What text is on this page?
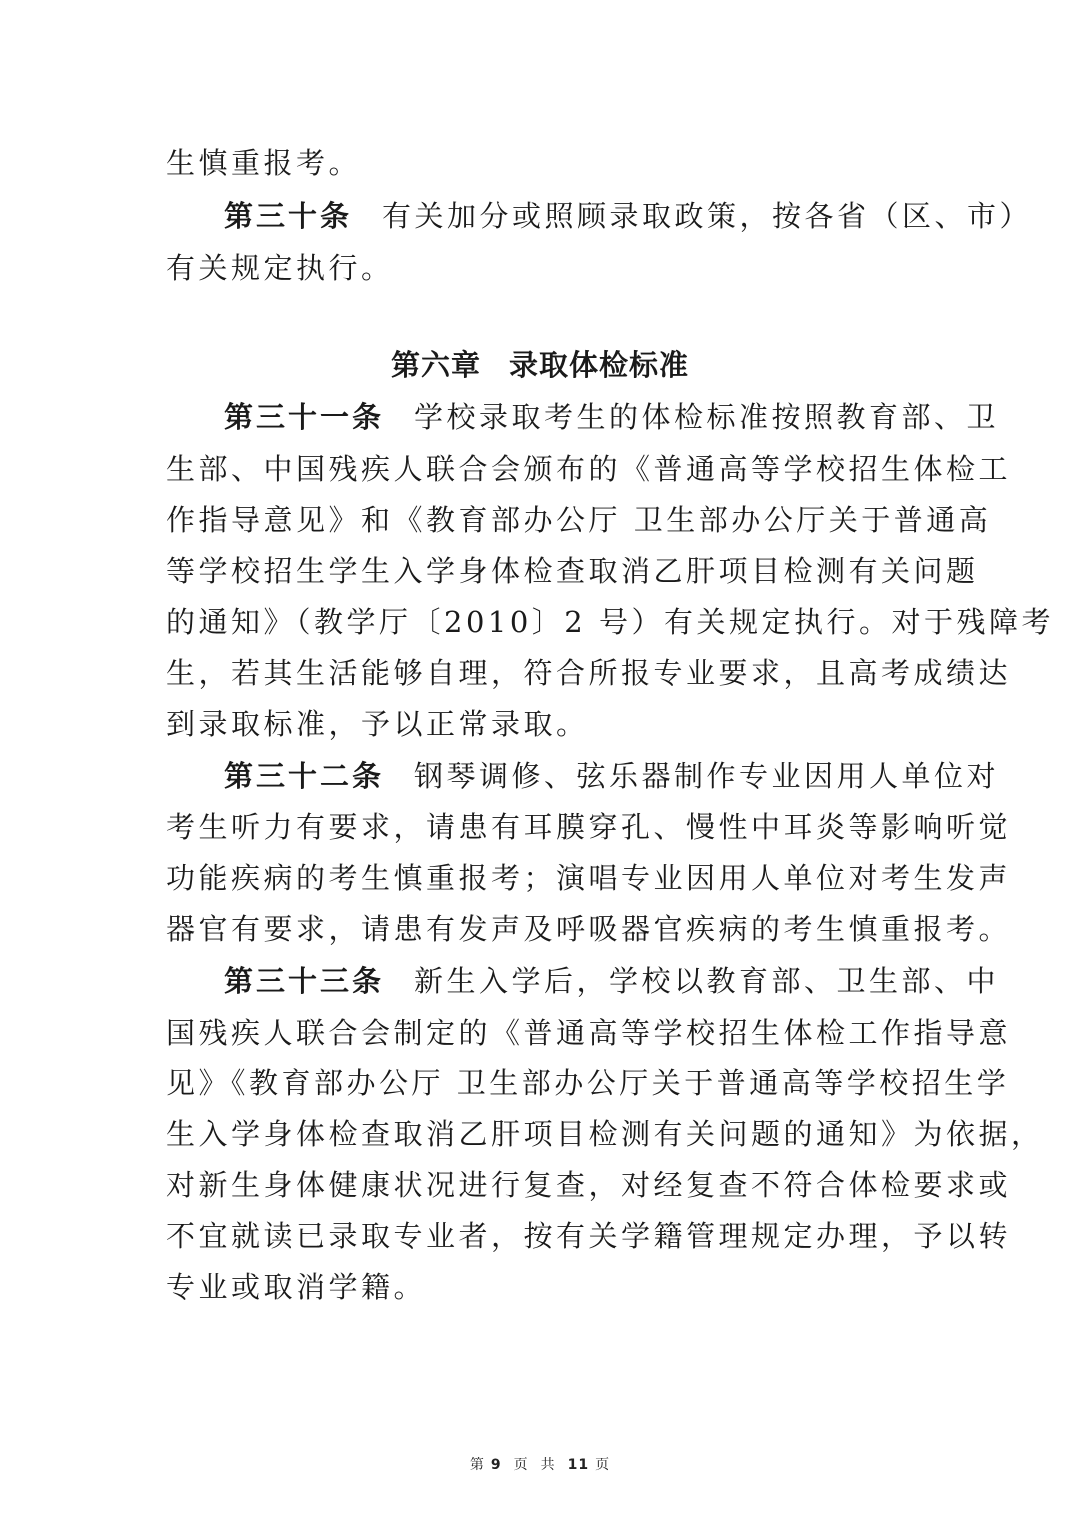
生慎重报考。
第三十条 有关加分或照顾录取政策，按各省（区、市）
有关规定执行。
第六章 录取体检标准
第三十一条 学校录取考生的体检标准按照教育部、卫
生部、中国残疾人联合会颁布的《普通高等学校招生体检工
作指导意见》和《教育部办公厅 卫生部办公厅关于普通高
等学校招生学生入学身体检查取消乙肝项目检测有关问题
的通知》（教学厅〔2010〕2 号）有关规定执行。对于残障考
生，若其生活能够自理，符合所报专业要求，且高考成绩达
到录取标准，予以正常录取。
第三十二条 钢琴调修、弦乐器制作专业因用人单位对
考生听力有要求，请患有耳膜穿孔、慢性中耳炎等影响听觉
功能疾病的考生慎重报考；演唱专业因用人单位对考生发声
器官有要求，请患有发声及呼吸器官疾病的考生慎重报考。
第三十三条 新生入学后，学校以教育部、卫生部、中
国残疾人联合会制定的《普通高等学校招生体检工作指导意
见》《教育部办公厅 卫生部办公厅关于普通高等学校招生学
生入学身体检查取消乙肝项目检测有关问题的通知》为依据，
对新生身体健康状况进行复查，对经复查不符合体检要求或
不宜就读已录取专业者，按有关学籍管理规定办理，予以转
专业或取消学籍。
第 9 页 共 11 页
